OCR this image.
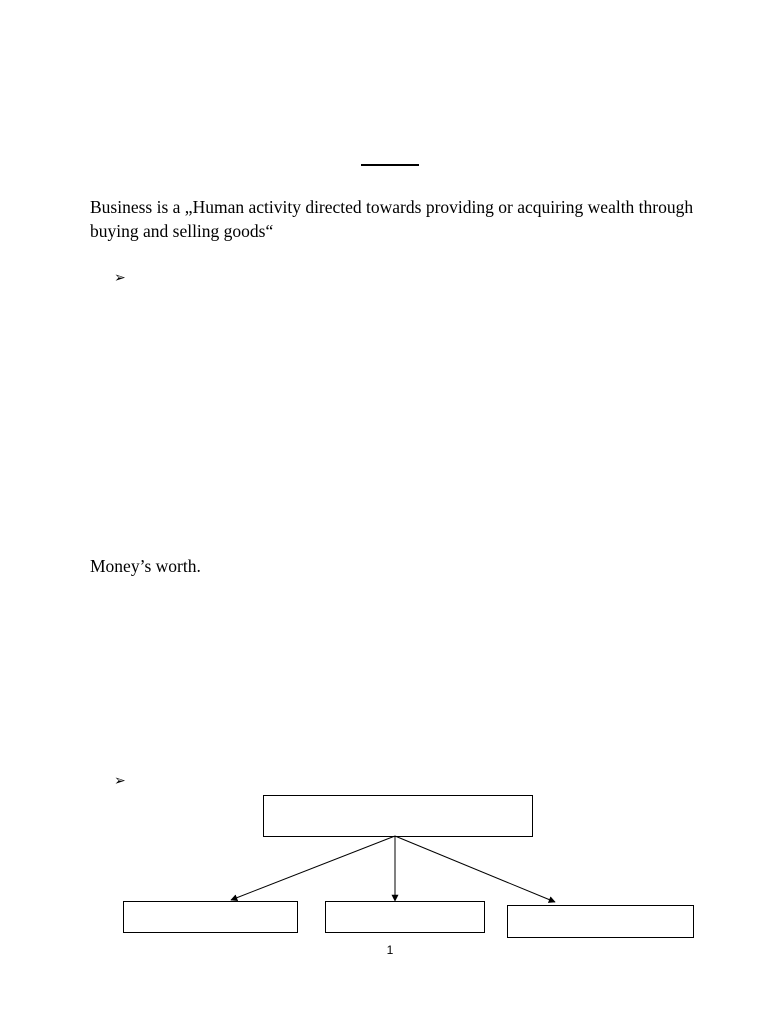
Business is a „Human activity directed towards providing or acquiring wealth through buying and selling goods“

➢

Money’s worth.

➢
1
